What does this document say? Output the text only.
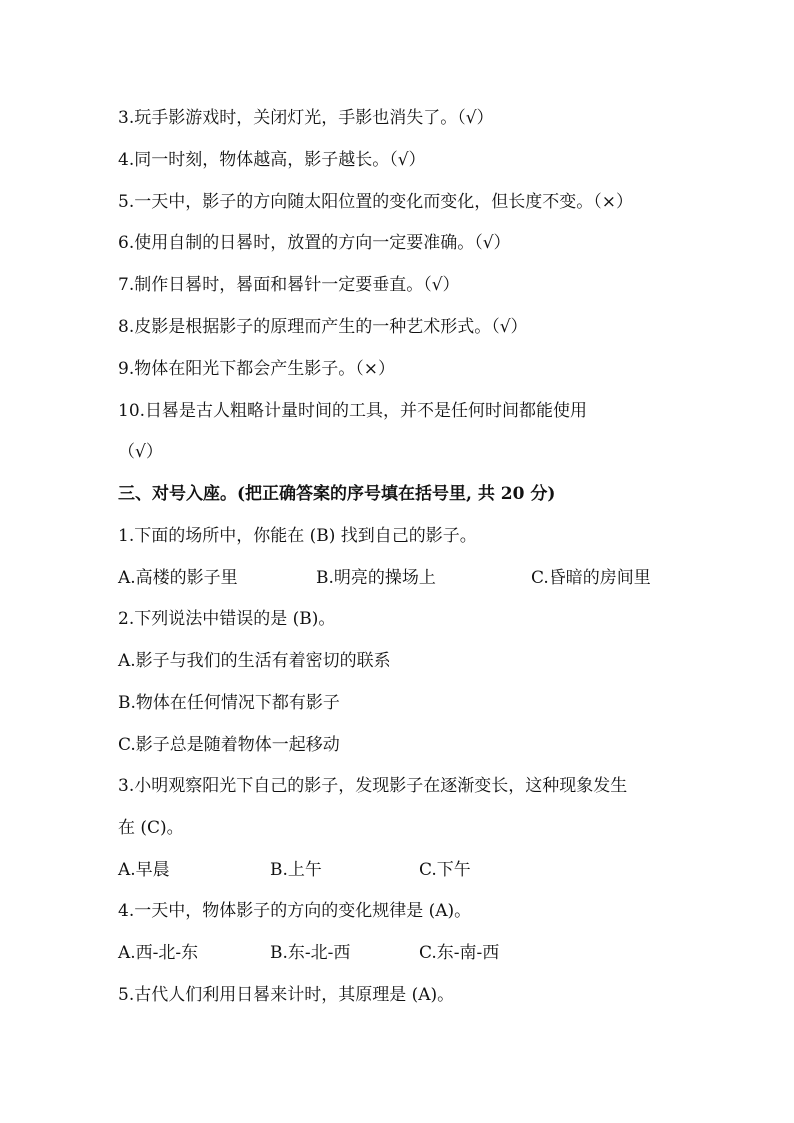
3.玩手影游戏时，关闭灯光，手影也消失了。（√）
4.同一时刻，物体越高，影子越长。（√）
5.一天中，影子的方向随太阳位置的变化而变化，但长度不变。（×）
6.使用自制的日晷时，放置的方向一定要准确。（√）
7.制作日晷时，晷面和晷针一定要垂直。（√）
8.皮影是根据影子的原理而产生的一种艺术形式。（√）
9.物体在阳光下都会产生影子。（×）
10.日晷是古人粗略计量时间的工具，并不是任何时间都能使用
（√）
三、对号入座。(把正确答案的序号填在括号里, 共 20 分)
1.下面的场所中，你能在 (B) 找到自己的影子。
A.高楼的影子里	B.明亮的操场上	C.昏暗的房间里
2.下列说法中错误的是 (B)。
A.影子与我们的生活有着密切的联系
B.物体在任何情况下都有影子
C.影子总是随着物体一起移动
3.小明观察阳光下自己的影子，发现影子在逐渐变长，这种现象发生
在 (C)。
A.早晨	B.上午	C.下午
4.一天中，物体影子的方向的变化规律是 (A)。
A.西-北-东	B.东-北-西	C.东-南-西
5.古代人们利用日晷来计时，其原理是 (A)。
